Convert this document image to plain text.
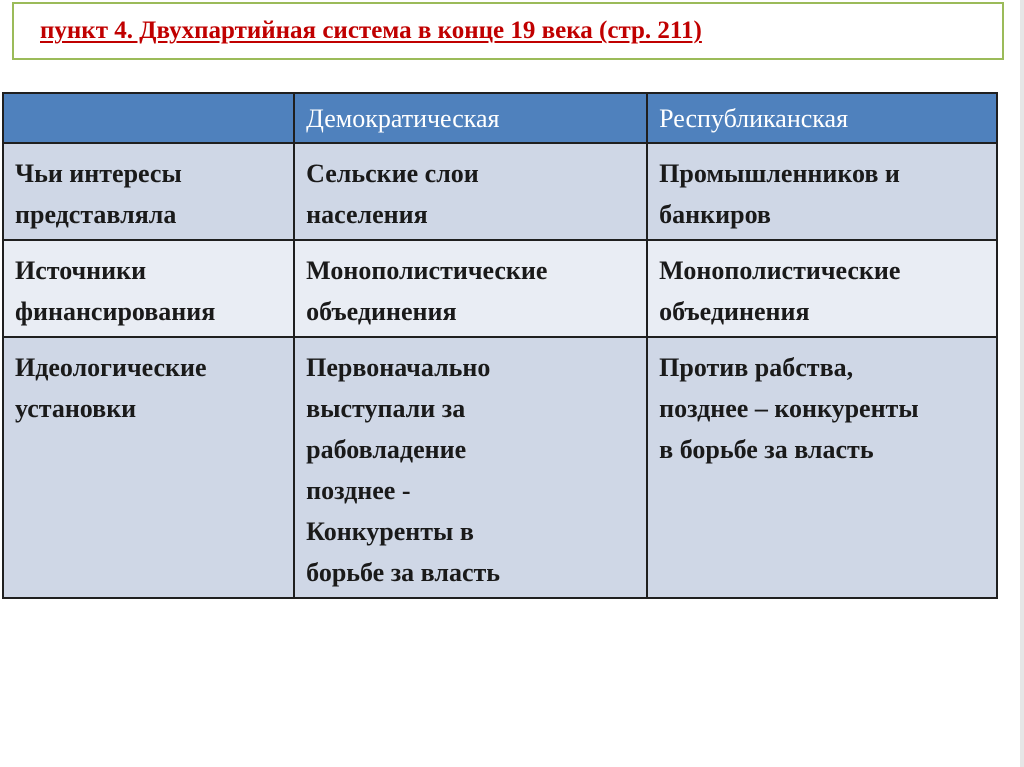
пункт 4. Двухпартийная система в конце 19 века (стр. 211)
	Демократическая	Республиканская

Чьи интересы представляла	Сельские слои населения	Промышленников и банкиров

Источники финансирования	Монополистические объединения	Монополистические объединения

Идеологические установки	Первоначально выступали за рабовладение позднее - Конкуренты в борьбе за власть	Против рабства, позднее – конкуренты в борьбе за власть
